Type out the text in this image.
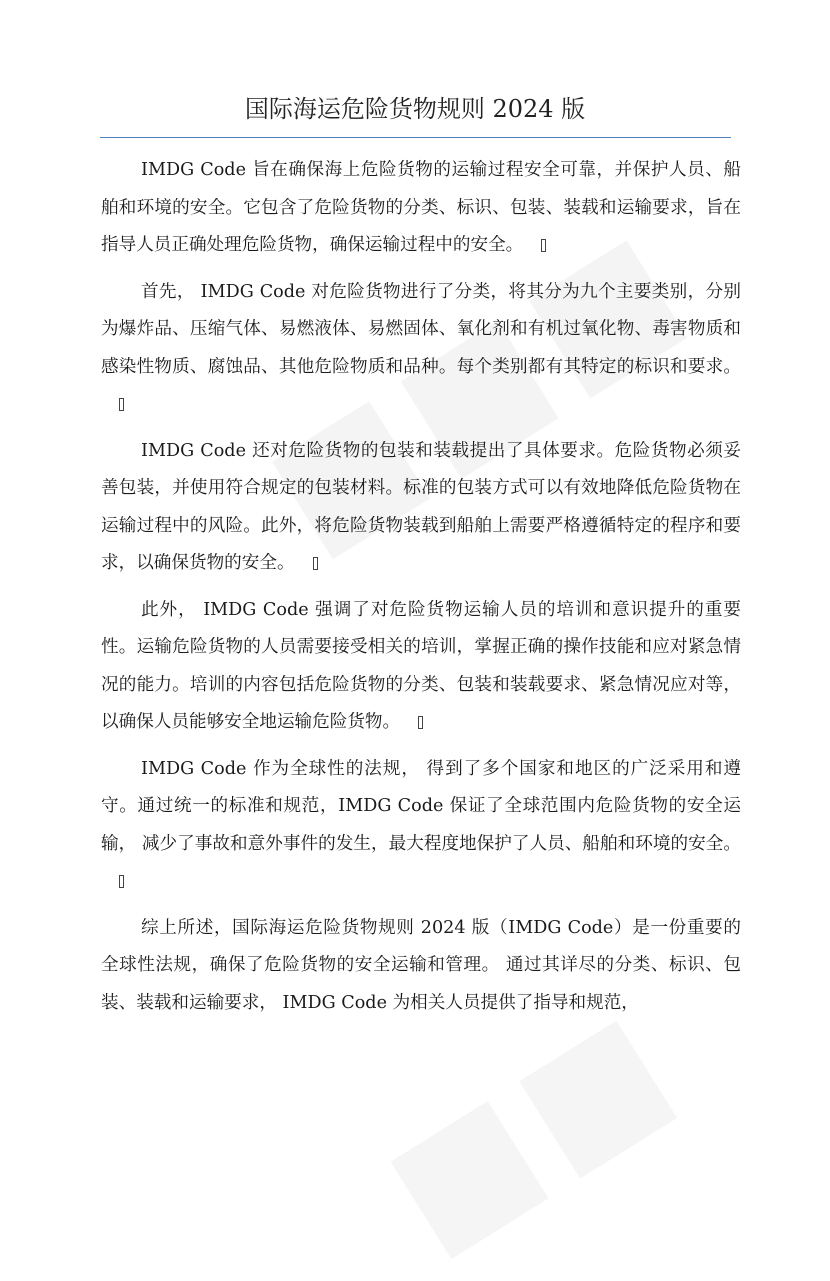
国际海运危险货物规则 2024 版

IMDG Code 旨在确保海上危险货物的运输过程安全可靠，并保护人员、船舶和环境的安全。它包含了危险货物的分类、标识、包装、装载和运输要求，旨在指导人员正确处理危险货物，确保运输过程中的安全。

首先， IMDG Code 对危险货物进行了分类，将其分为九个主要类别，分别为爆炸品、压缩气体、易燃液体、易燃固体、氧化剂和有机过氧化物、毒害物质和感染性物质、腐蚀品、其他危险物质和品种。每个类别都有其特定的标识和要求。

IMDG Code 还对危险货物的包装和装载提出了具体要求。危险货物必须妥善包装，并使用符合规定的包装材料。标准的包装方式可以有效地降低危险货物在运输过程中的风险。此外，将危险货物装载到船舶上需要严格遵循特定的程序和要求，以确保货物的安全。

此外， IMDG Code 强调了对危险货物运输人员的培训和意识提升的重要性。运输危险货物的人员需要接受相关的培训，掌握正确的操作技能和应对紧急情况的能力。培训的内容包括危险货物的分类、包装和装载要求、紧急情况应对等，以确保人员能够安全地运输危险货物。

IMDG Code 作为全球性的法规， 得到了多个国家和地区的广泛采用和遵守。通过统一的标准和规范，IMDG Code 保证了全球范围内危险货物的安全运输， 减少了事故和意外事件的发生，最大程度地保护了人员、船舶和环境的安全。

综上所述，国际海运危险货物规则 2024 版（IMDG Code）是一份重要的全球性法规，确保了危险货物的安全运输和管理。 通过其详尽的分类、标识、包装、装载和运输要求， IMDG Code 为相关人员提供了指导和规范，
